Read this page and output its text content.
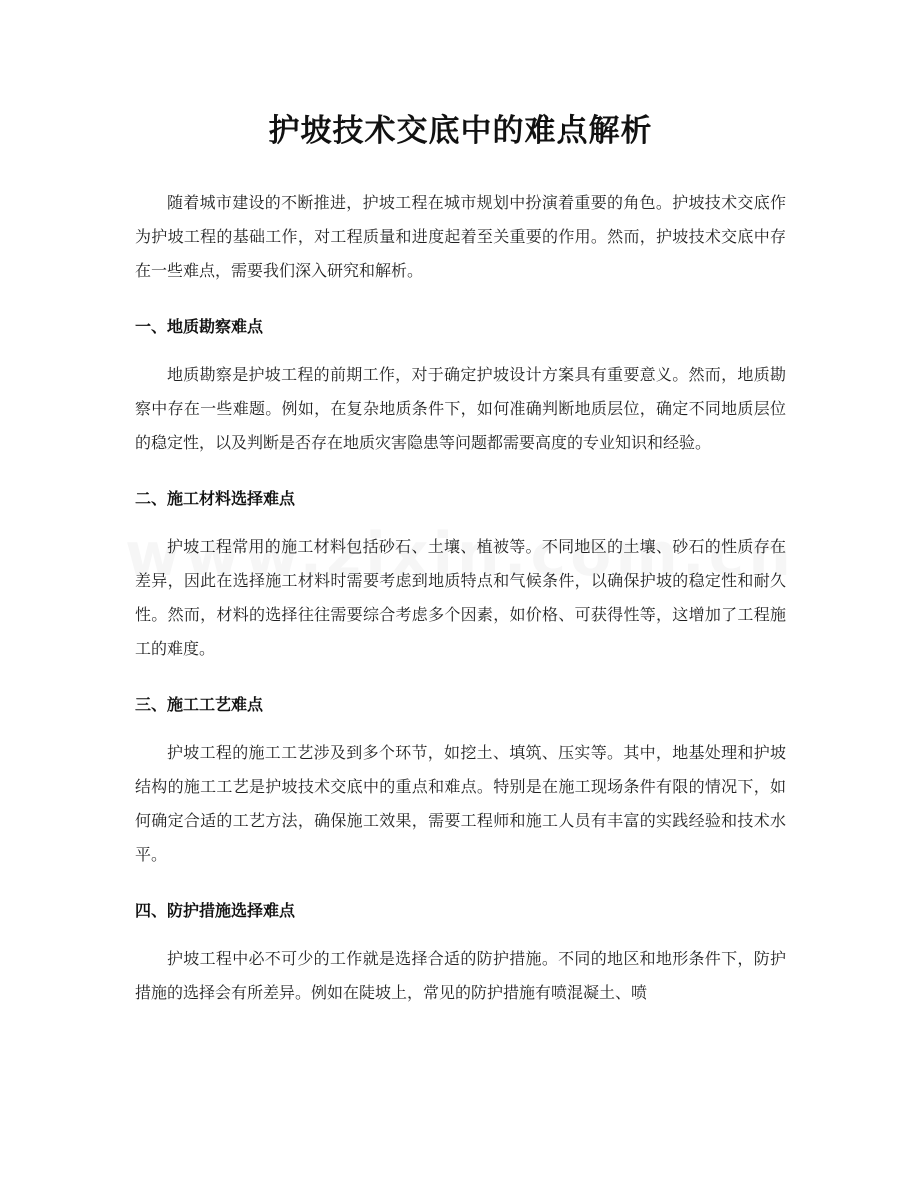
护坡技术交底中的难点解析

随着城市建设的不断推进，护坡工程在城市规划中扮演着重要的角色。护坡技术交底作为护坡工程的基础工作，对工程质量和进度起着至关重要的作用。然而，护坡技术交底中存在一些难点，需要我们深入研究和解析。

一、地质勘察难点

地质勘察是护坡工程的前期工作，对于确定护坡设计方案具有重要意义。然而，地质勘察中存在一些难题。例如，在复杂地质条件下，如何准确判断地质层位，确定不同地质层位的稳定性，以及判断是否存在地质灾害隐患等问题都需要高度的专业知识和经验。

二、施工材料选择难点

护坡工程常用的施工材料包括砂石、土壤、植被等。不同地区的土壤、砂石的性质存在差异，因此在选择施工材料时需要考虑到地质特点和气候条件，以确保护坡的稳定性和耐久性。然而，材料的选择往往需要综合考虑多个因素，如价格、可获得性等，这增加了工程施工的难度。

三、施工工艺难点

护坡工程的施工工艺涉及到多个环节，如挖土、填筑、压实等。其中，地基处理和护坡结构的施工工艺是护坡技术交底中的重点和难点。特别是在施工现场条件有限的情况下，如何确定合适的工艺方法，确保施工效果，需要工程师和施工人员有丰富的实践经验和技术水平。

四、防护措施选择难点

护坡工程中必不可少的工作就是选择合适的防护措施。不同的地区和地形条件下，防护措施的选择会有所差异。例如在陡坡上，常见的防护措施有喷混凝土、喷
